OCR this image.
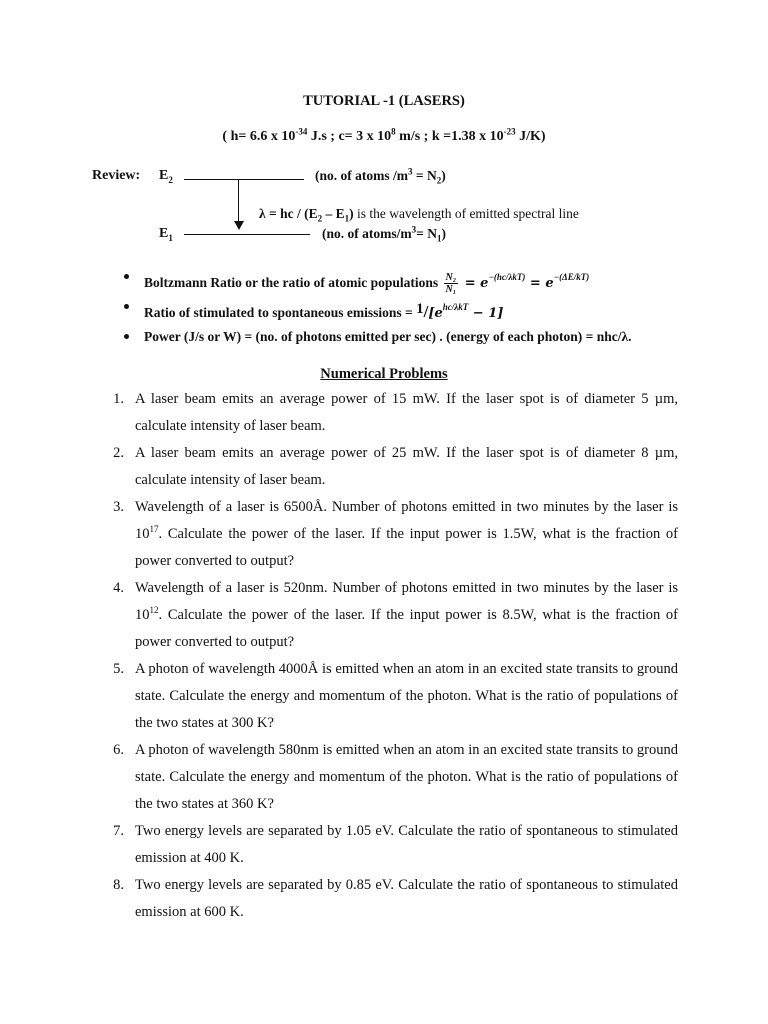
TUTORIAL -1 (LASERS)
( h= 6.6 x $10^{-34}$ J.s ; c= 3 x $10^8$ m/s ; k =1.38 x $10^{-23}$ J/K)
Review: $E_2$	(no. of atoms $/m^3 = N_2$)
λ = hc / $(E_2 - E_1)$ is the wavelength of emitted spectral line
$E_1$	(no. of atoms/$m^3= N_1$)
Boltzmann Ratio or the ratio of atomic populations $\frac{\text{N₂}}{\text{N₁}} = e^{-(hc/\lambda kT)} = e^{-(\Delta E/kT)}$
Ratio of stimulated to spontaneous emissions = $1/[e^{hc/\lambda kT} - 1]$
Power (J/s or W) = (no. of photons emitted per sec) . (energy of each photon) = nhc/λ.
Numerical Problems
1. A laser beam emits an average power of 15 mW. If the laser spot is of diameter 5 µm, calculate intensity of laser beam.
2. A laser beam emits an average power of 25 mW. If the laser spot is of diameter 8 µm, calculate intensity of laser beam.
3. Wavelength of a laser is 6500Å. Number of photons emitted in two minutes by the laser is $10^{17}$. Calculate the power of the laser. If the input power is 1.5W, what is the fraction of power converted to output?
4. Wavelength of a laser is 520nm. Number of photons emitted in two minutes by the laser is $10^{12}$. Calculate the power of the laser. If the input power is 8.5W, what is the fraction of power converted to output?
5. A photon of wavelength 4000Å is emitted when an atom in an excited state transits to ground state. Calculate the energy and momentum of the photon. What is the ratio of populations of the two states at 300 K?
6. A photon of wavelength 580nm is emitted when an atom in an excited state transits to ground state. Calculate the energy and momentum of the photon. What is the ratio of populations of the two states at 360 K?
7. Two energy levels are separated by 1.05 eV. Calculate the ratio of spontaneous to stimulated emission at 400 K.
8. Two energy levels are separated by 0.85 eV. Calculate the ratio of spontaneous to stimulated emission at 600 K.
